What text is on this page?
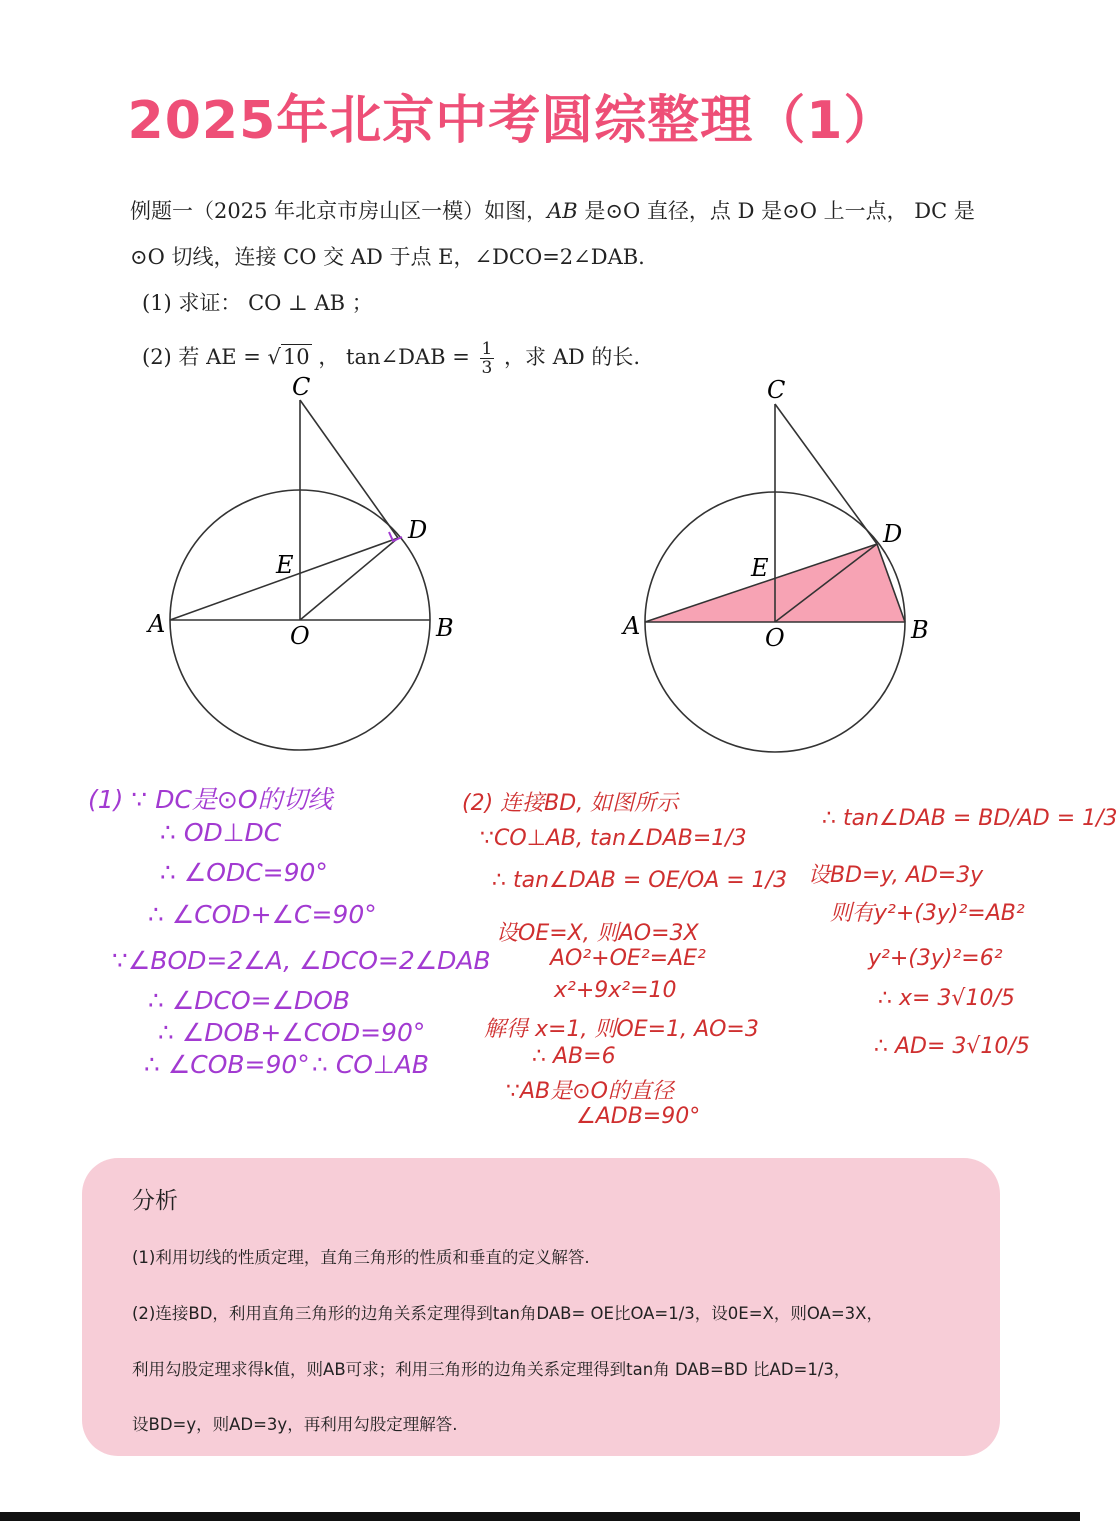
2025年北京中考圆综整理（1）
例题一（2025 年北京市房山区一模）如图，AB 是⊙O 直径，点 D 是⊙O 上一点， DC 是
⊙O 切线，连接 CO 交 AD 于点 E，∠DCO=2∠DAB.
(1) 求证： CO ⊥ AB ；
(2) 若 AE = √10 ， tan∠DAB = $\frac{1}{3}$ ，求 AD 的长.
C
D
E
A	O	B
C
D
E
A	O	B
(1) ∵ DC是⊙O的切线
∴ OD⊥DC
∴ ∠ODC=90°
∴ ∠COD+∠C=90°
∵∠BOD=2∠A, ∠DCO=2∠DAB
∴ ∠DCO=∠DOB
∴ ∠DOB+∠COD=90°
∴ ∠COB=90° ∴ CO⊥AB
(2) 连接BD, 如图所示
∵CO⊥AB, tan∠DAB=1/3
∴ tan∠DAB = OE/OA = 1/3
设OE=X, 则AO=3X
AO²+OE²=AE²
x²+9x²=10
解得 x=1, 则OE=1, AO=3
∴ AB=6
∵AB是⊙O的直径
∠ADB=90°
∴ tan∠DAB = BD/AD = 1/3
设BD=y, AD=3y
则有y²+(3y)²=AB²
y²+(3y)²=6²
∴ x= 3√10/5
∴ AD= 3√10/5
分析

(1)利用切线的性质定理，直角三角形的性质和垂直的定义解答.

(2)连接BD，利用直角三角形的边角关系定理得到tan角DAB= OE比OA=1/3，设0E=X，则OA=3X，

利用勾股定理求得k值，则AB可求；利用三角形的边角关系定理得到tan角 DAB=BD 比AD=1/3，

设BD=y，则AD=3y，再利用勾股定理解答.
